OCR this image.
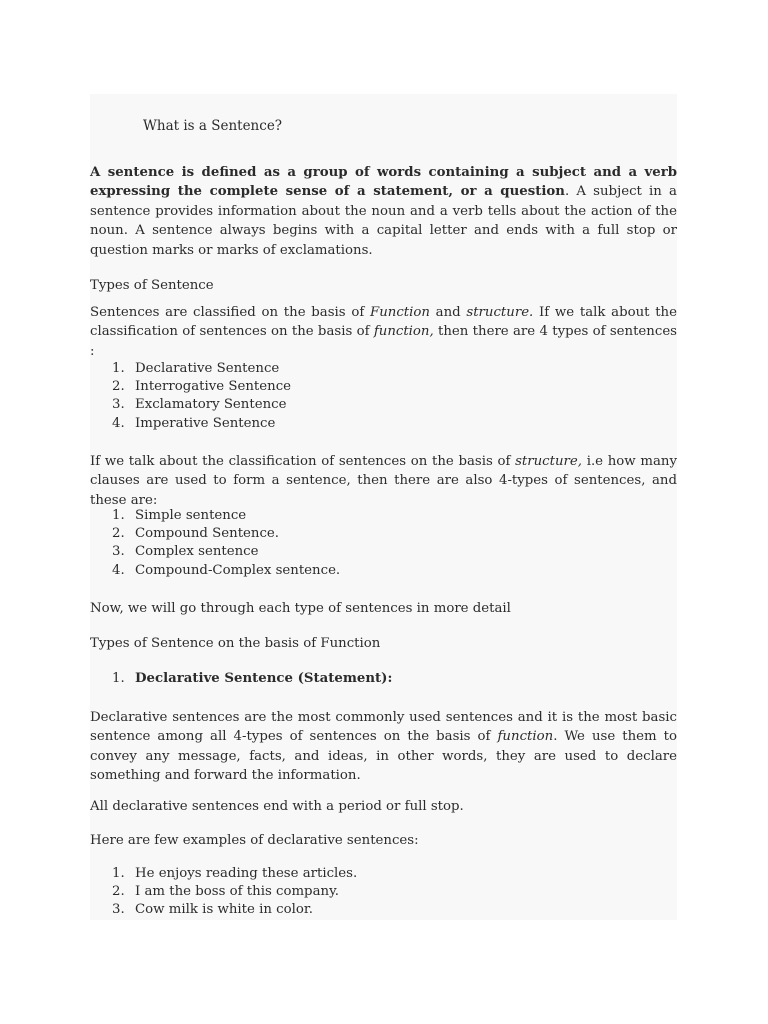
What is a Sentence?

A sentence is defined as a group of words containing a subject and a verb expressing the complete sense of a statement, or a question. A subject in a sentence provides information about the noun and a verb tells about the action of the noun. A sentence always begins with a capital letter and ends with a full stop or question marks or marks of exclamations.

Types of Sentence

Sentences are classified on the basis of Function and structure. If we talk about the classification of sentences on the basis of function, then there are 4 types of sentences :

1. Declarative Sentence
2. Interrogative Sentence
3. Exclamatory Sentence
4. Imperative Sentence

If we talk about the classification of sentences on the basis of structure, i.e how many clauses are used to form a sentence, then there are also 4-types of sentences, and these are:

1. Simple sentence
2. Compound Sentence.
3. Complex sentence
4. Compound-Complex sentence.

Now, we will go through each type of sentences in more detail

Types of Sentence on the basis of Function

1. Declarative Sentence (Statement):

Declarative sentences are the most commonly used sentences and it is the most basic sentence among all 4-types of sentences on the basis of function. We use them to convey any message, facts, and ideas, in other words, they are used to declare something and forward the information.

All declarative sentences end with a period or full stop.

Here are few examples of declarative sentences:

1. He enjoys reading these articles.
2. I am the boss of this company.
3. Cow milk is white in color.
